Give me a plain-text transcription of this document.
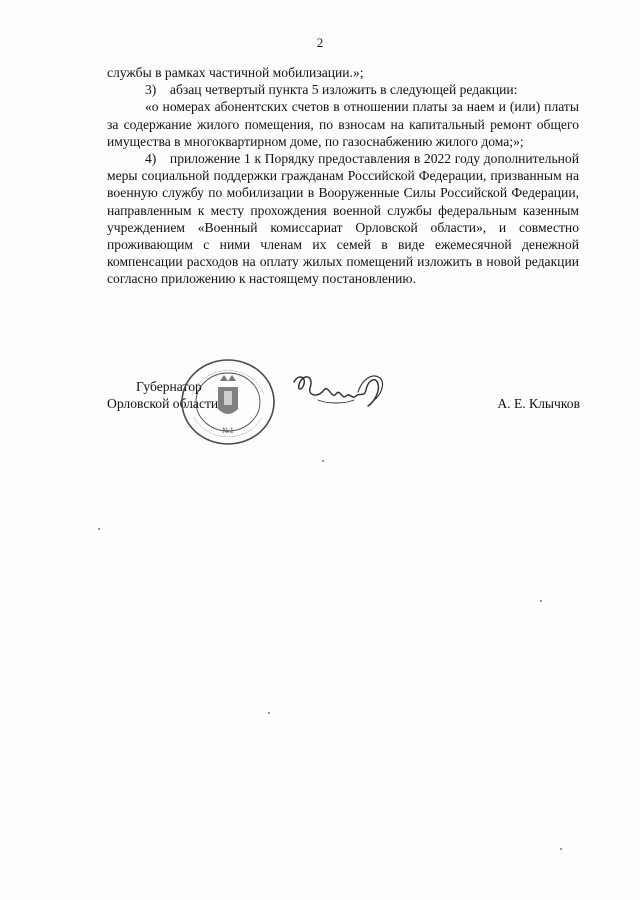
2

службы в рамках частичной мобилизации.»;

3) абзац четвертый пункта 5 изложить в следующей редакции:

«о номерах абонентских счетов в отношении платы за наем и (или) платы за содержание жилого помещения, по взносам на капитальный ремонт общего имущества в многоквартирном доме, по газоснабжению жилого дома;»;

4) приложение 1 к Порядку предоставления в 2022 году дополнительной меры социальной поддержки гражданам Российской Федерации, призванным на военную службу по мобилизации в Вооруженные Силы Российской Федерации, направленным к месту прохождения военной службы федеральным казенным учреждением «Военный комиссариат Орловской области», и совместно проживающим с ними членам их семей в виде ежемесячной денежной компенсации расходов на оплату жилых помещений изложить в новой редакции согласно приложению к настоящему постановлению.

Губернатор
Орловской области	А. Е. Клычков
№1
